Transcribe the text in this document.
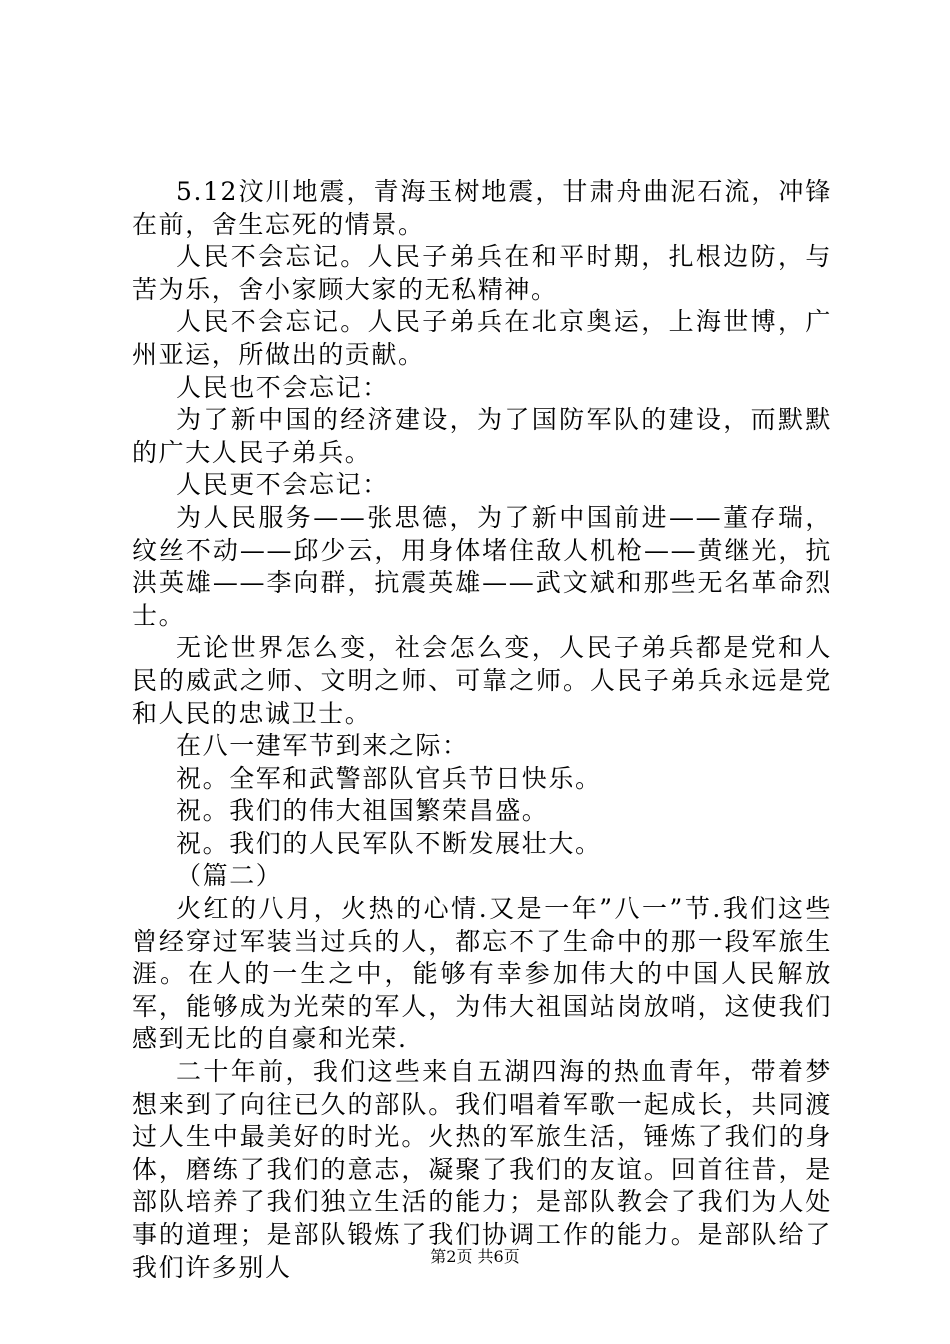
5.12汶川地震，青海玉树地震，甘肃舟曲泥石流，冲锋在前，舍生忘死的情景。

人民不会忘记。人民子弟兵在和平时期，扎根边防，与苦为乐，舍小家顾大家的无私精神。

人民不会忘记。人民子弟兵在北京奥运，上海世博，广州亚运，所做出的贡献。

人民也不会忘记：

为了新中国的经济建设，为了国防军队的建设，而默默的广大人民子弟兵。

人民更不会忘记：

为人民服务——张思德，为了新中国前进——董存瑞，纹丝不动——邱少云，用身体堵住敌人机枪——黄继光，抗洪英雄——李向群，抗震英雄——武文斌和那些无名革命烈士。

无论世界怎么变，社会怎么变，人民子弟兵都是党和人民的威武之师、文明之师、可靠之师。人民子弟兵永远是党和人民的忠诚卫士。

在八一建军节到来之际：

祝。全军和武警部队官兵节日快乐。

祝。我们的伟大祖国繁荣昌盛。

祝。我们的人民军队不断发展壮大。

（篇二）

火红的八月，火热的心情.又是一年”八一”节.我们这些曾经穿过军装当过兵的人，都忘不了生命中的那一段军旅生涯。在人的一生之中，能够有幸参加伟大的中国人民解放军，能够成为光荣的军人，为伟大祖国站岗放哨，这使我们感到无比的自豪和光荣.

二十年前，我们这些来自五湖四海的热血青年，带着梦想来到了向往已久的部队。我们唱着军歌一起成长，共同渡过人生中最美好的时光。火热的军旅生活，锤炼了我们的身体，磨练了我们的意志，凝聚了我们的友谊。回首往昔，是部队培养了我们独立生活的能力；是部队教会了我们为人处事的道理；是部队锻炼了我们协调工作的能力。是部队给了我们许多别人	第2页 共6页
